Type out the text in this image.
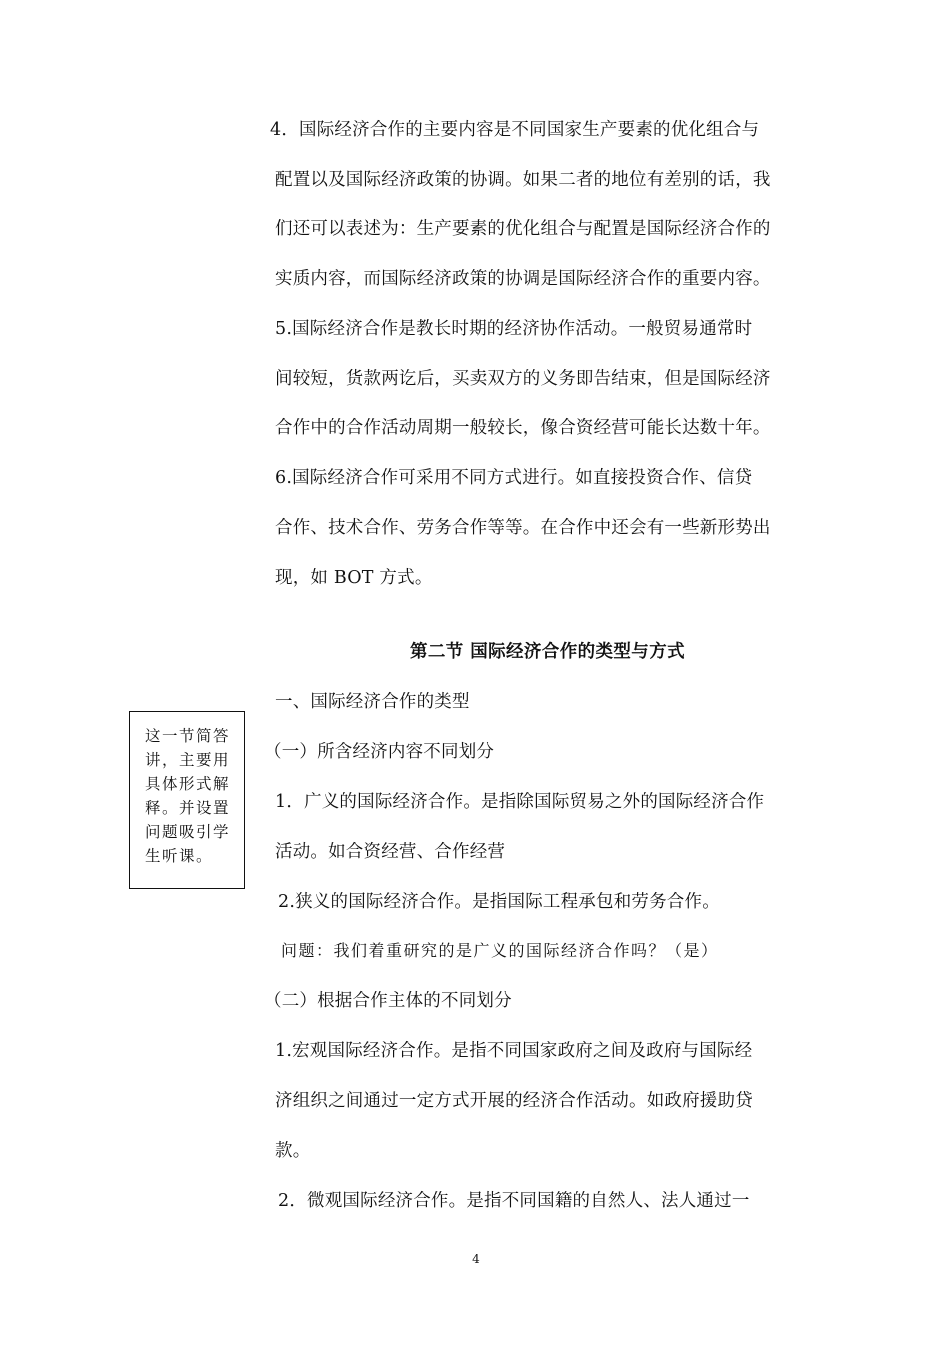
4．国际经济合作的主要内容是不同国家生产要素的优化组合与
配置以及国际经济政策的协调。如果二者的地位有差别的话，我
们还可以表述为：生产要素的优化组合与配置是国际经济合作的
实质内容，而国际经济政策的协调是国际经济合作的重要内容。
5.国际经济合作是教长时期的经济协作活动。一般贸易通常时
间较短，货款两讫后，买卖双方的义务即告结束，但是国际经济
合作中的合作活动周期一般较长，像合资经营可能长达数十年。
6.国际经济合作可采用不同方式进行。如直接投资合作、信贷
合作、技术合作、劳务合作等等。在合作中还会有一些新形势出
现，如 BOT 方式。
第二节 国际经济合作的类型与方式
一、国际经济合作的类型
（一）所含经济内容不同划分
1．广义的国际经济合作。是指除国际贸易之外的国际经济合作
活动。如合资经营、合作经营
2.狭义的国际经济合作。是指国际工程承包和劳务合作。
问题：我们着重研究的是广义的国际经济合作吗？（是）
（二）根据合作主体的不同划分
1.宏观国际经济合作。是指不同国家政府之间及政府与国际经
济组织之间通过一定方式开展的经济合作活动。如政府援助贷
款。
2．微观国际经济合作。是指不同国籍的自然人、法人通过一
这一节简答讲，主要用具体形式解释。并设置问题吸引学生听课。
4
